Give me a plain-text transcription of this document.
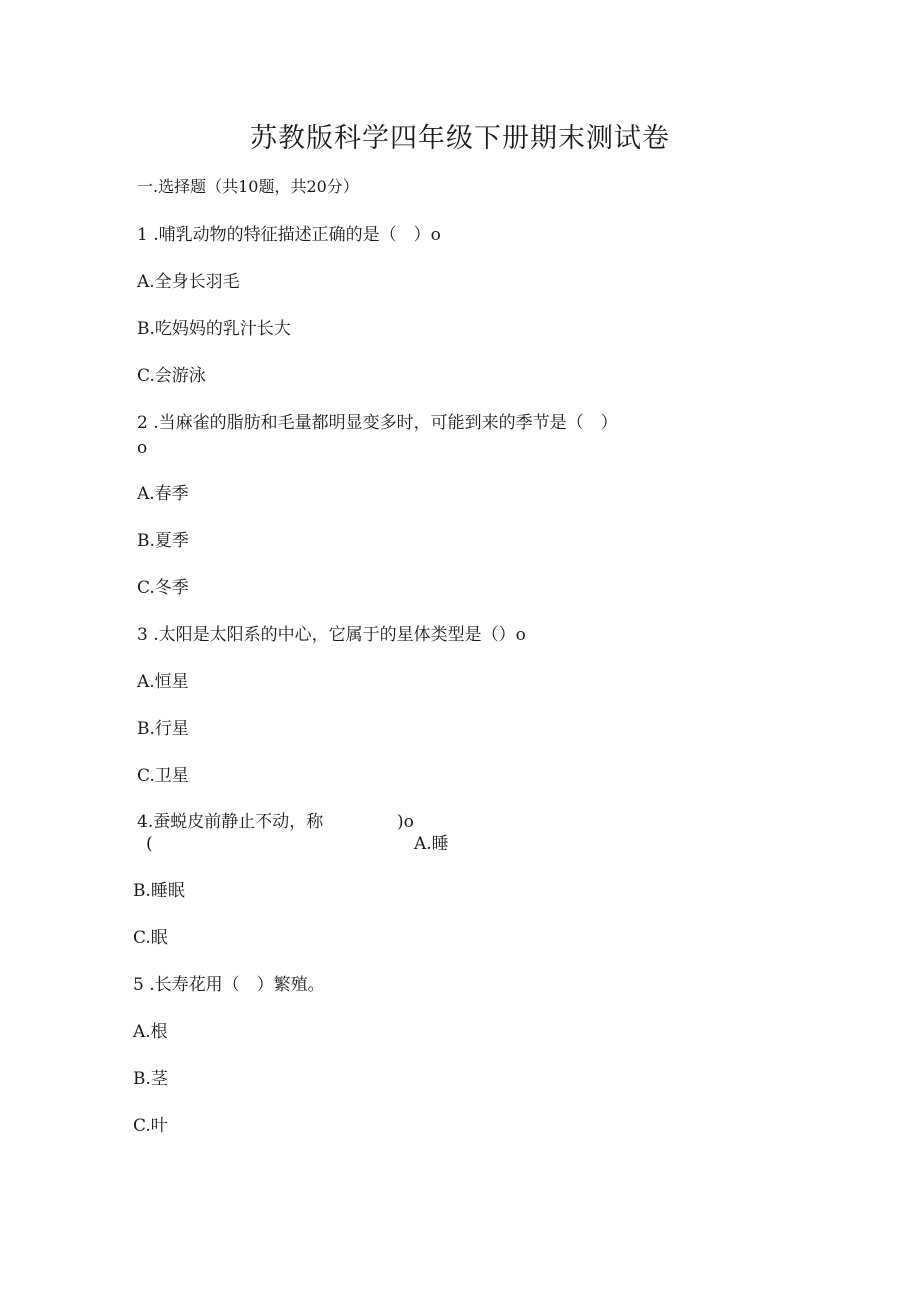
苏教版科学四年级下册期末测试卷
一.选择题（共10题，共20分）
1 .哺乳动物的特征描述正确的是（　）o
A.全身长羽毛
B.吃妈妈的乳汁长大
C.会游泳
2 .当麻雀的脂肪和毛量都明显变多时，可能到来的季节是（　）
o
A.春季
B.夏季
C.冬季
3 .太阳是太阳系的中心，它属于的星体类型是（）o
A.恒星
B.行星
C.卫星
4.蚕蜕皮前静止不动，称	)o
(	A.睡
B.睡眠
C.眠
5 .长寿花用（　）繁殖。
A.根
B.茎
C.叶
